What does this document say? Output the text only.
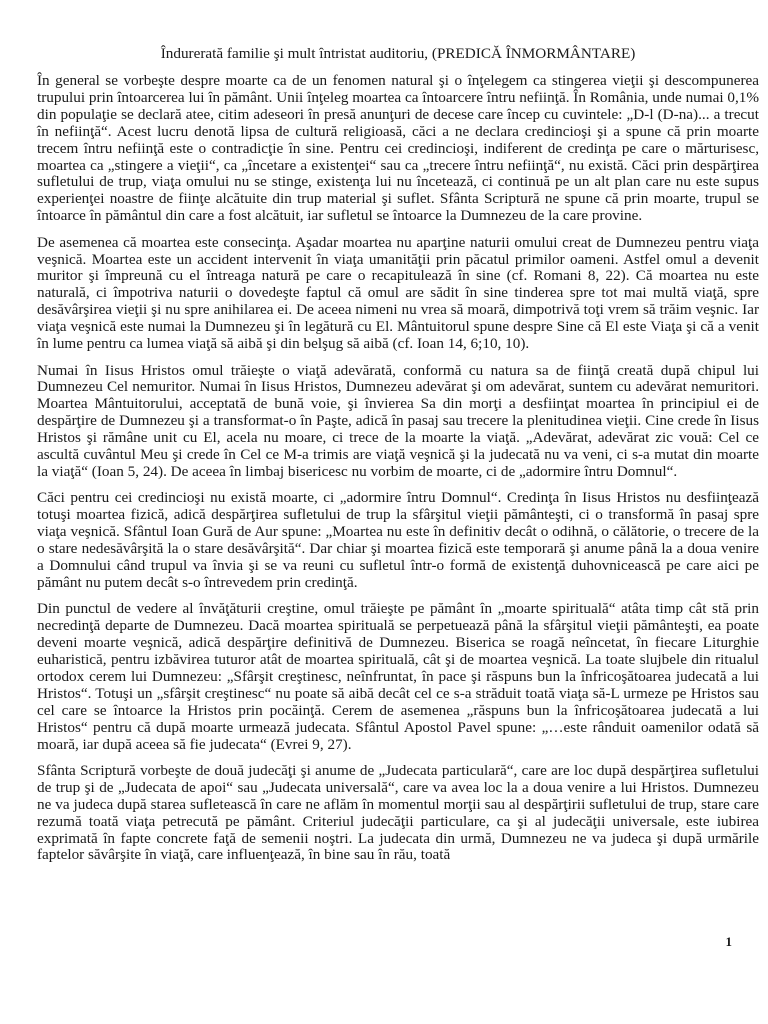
Îndurerată familie şi mult întristat auditoriu, (PREDICĂ ÎNMORMÂNTARE)

În general se vorbeşte despre moarte ca de un fenomen natural şi o înţelegem ca stingerea vieţii şi descompunerea trupului prin întoarcerea lui în pământ. Unii înţeleg moartea ca întoarcere întru nefiinţă. În România, unde numai 0,1% din populaţie se declară atee, citim adeseori în presă anunţuri de decese care încep cu cuvintele: „D-l (D-na)... a trecut în nefiinţă“. Acest lucru denotă lipsa de cultură religioasă, căci a ne declara credincioşi şi a spune că prin moarte trecem întru nefiinţă este o contradicţie în sine. Pentru cei credincioşi, indiferent de credinţa pe care o mărturisesc, moartea ca „stingere a vieţii“, ca „încetare a existenţei“ sau ca „trecere întru nefiinţă“, nu există. Căci prin despărţirea sufletului de trup, viaţa omului nu se stinge, existenţa lui nu încetează, ci continuă pe un alt plan care nu este supus experienţei noastre de fiinţe alcătuite din trup material şi suflet. Sfânta Scriptură ne spune că prin moarte, trupul se întoarce în pământul din care a fost alcătuit, iar sufletul se întoarce la Dumnezeu de la care provine.

De asemenea că moartea este consecinţa. Aşadar moartea nu aparţine naturii omului creat de Dumnezeu pentru viaţa veşnică. Moartea este un accident intervenit în viaţa umanităţii prin păcatul primilor oameni. Astfel omul a devenit muritor şi împreună cu el întreaga natură pe care o recapitulează în sine (cf. Romani 8, 22). Că moartea nu este naturală, ci împotriva naturii o dovedeşte faptul că omul are sădit în sine tinderea spre tot mai multă viaţă, spre desăvârşirea vieţii şi nu spre anihilarea ei. De aceea nimeni nu vrea să moară, dimpotrivă toţi vrem să trăim veşnic. Iar viaţa veşnică este numai la Dumnezeu şi în legătură cu El. Mântuitorul spune despre Sine că El este Viaţa şi că a venit în lume pentru ca lumea viaţă să aibă şi din belşug să aibă (cf. Ioan 14, 6;10, 10).

Numai în Iisus Hristos omul trăieşte o viaţă adevărată, conformă cu natura sa de fiinţă creată după chipul lui Dumnezeu Cel nemuritor. Numai în Iisus Hristos, Dumnezeu adevărat şi om adevărat, suntem cu adevărat nemuritori. Moartea Mântuitorului, acceptată de bună voie, şi învierea Sa din morţi a desfiinţat moartea în principiul ei de despărţire de Dumnezeu şi a transformat-o în Paşte, adică în pasaj sau trecere la plenitudinea vieţii. Cine crede în Iisus Hristos şi rămâne unit cu El, acela nu moare, ci trece de la moarte la viaţă. „Adevărat, adevărat zic vouă: Cel ce ascultă cuvântul Meu şi crede în Cel ce M-a trimis are viaţă veşnică şi la judecată nu va veni, ci s-a mutat din moarte la viaţă“ (Ioan 5, 24). De aceea în limbaj bisericesc nu vorbim de moarte, ci de „adormire întru Domnul“.

Căci pentru cei credincioşi nu există moarte, ci „adormire întru Domnul“. Credinţa în Iisus Hristos nu desfiinţează totuşi moartea fizică, adică despărţirea sufletului de trup la sfârşitul vieţii pământeşti, ci o transformă în pasaj spre viaţa veşnică. Sfântul Ioan Gură de Aur spune: „Moartea nu este în definitiv decât o odihnă, o călătorie, o trecere de la o stare nedesăvârşită la o stare desăvârşită“. Dar chiar şi moartea fizică este temporară şi anume până la a doua venire a Domnului când trupul va învia şi se va reuni cu sufletul într-o formă de existenţă duhovnicească pe care aici pe pământ nu putem decât s-o întrevedem prin credinţă.

Din punctul de vedere al învăţăturii creştine, omul trăieşte pe pământ în „moarte spirituală“ atâta timp cât stă prin necredinţă departe de Dumnezeu. Dacă moartea spirituală se perpetuează până la sfârşitul vieţii pământeşti, ea poate deveni moarte veşnică, adică despărţire definitivă de Dumnezeu. Biserica se roagă neîncetat, în fiecare Liturghie euharistică, pentru izbăvirea tuturor atât de moartea spirituală, cât şi de moartea veşnică. La toate slujbele din ritualul ortodox cerem lui Dumnezeu: „Sfârşit creştinesc, neînfruntat, în pace şi răspuns bun la înfricoşătoarea judecată a lui Hristos“. Totuşi un „sfârşit creştinesc“ nu poate să aibă decât cel ce s-a străduit toată viaţa să-L urmeze pe Hristos sau cel care se întoarce la Hristos prin pocăinţă. Cerem de asemenea „răspuns bun la înfricoşătoarea judecată a lui Hristos“ pentru că după moarte urmează judecata. Sfântul Apostol Pavel spune: „…este rânduit oamenilor odată să moară, iar după aceea să fie judecata“ (Evrei 9, 27).

Sfânta Scriptură vorbeşte de două judecăţi şi anume de „Judecata particulară“, care are loc după despărţirea sufletului de trup şi de „Judecata de apoi“ sau „Judecata universală“, care va avea loc la a doua venire a lui Hristos. Dumnezeu ne va judeca după starea sufletească în care ne aflăm în momentul morţii sau al despărţirii sufletului de trup, stare care rezumă toată viaţa petrecută pe pământ. Criteriul judecăţii particulare, ca şi al judecăţii universale, este iubirea exprimată în fapte concrete faţă de semenii noştri. La judecata din urmă, Dumnezeu ne va judeca şi după urmările faptelor săvârşite în viaţă, care influenţează, în bine sau în rău, toată

1
